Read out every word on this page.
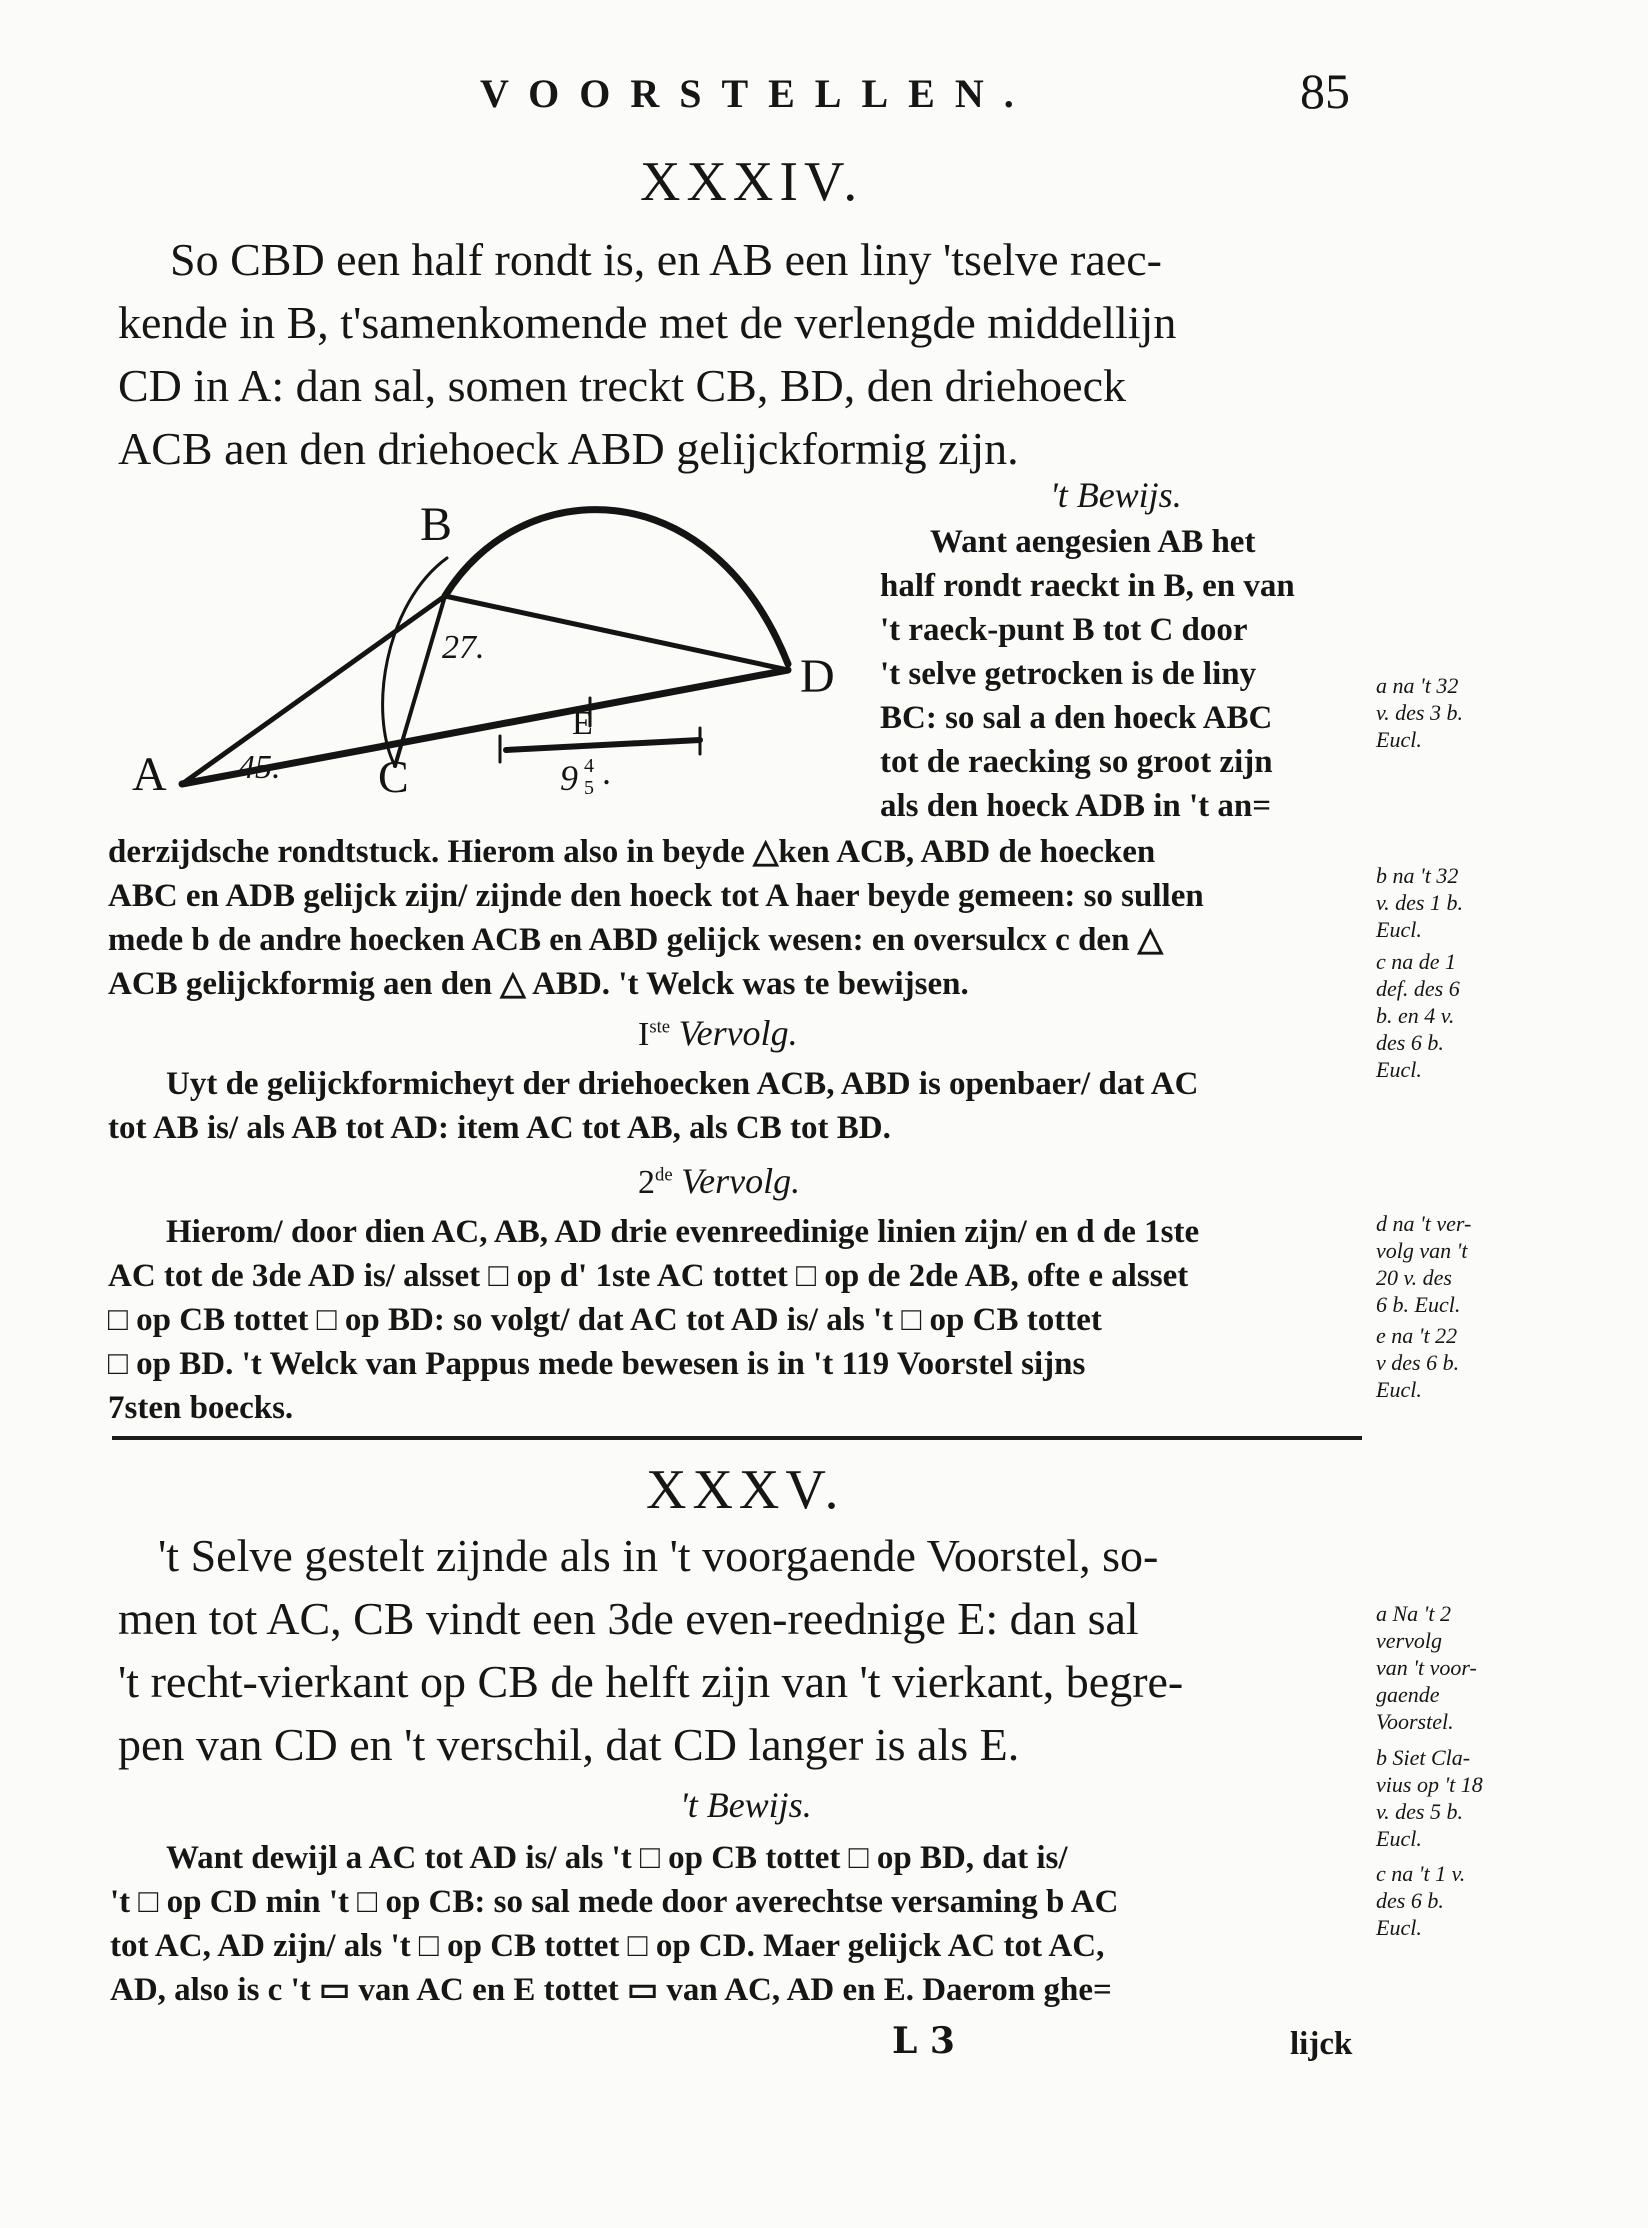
VOORSTELLEN.	85
XXXIV.
So CBD een half rondt is, en AB een liny 'tselve raec-
kende in B, t'samenkomende met de verlengde middellijn
CD in A: dan sal, somen treckt CB, BD, den driehoeck
ACB aen den driehoeck ABD gelijckformig zijn.
A 45. C
B
27.
D
E
9 4
5 .
't Bewijs.
Want aengesien AB het
half rondt raeckt in B, en van
't raeck-punt B tot C door
't selve getrocken is de liny
BC: so sal a den hoeck ABC
tot de raecking so groot zijn
als den hoeck ADB in 't an=
derzijdsche rondtstuck. Hierom also in beyde △ken ACB, ABD de hoecken
ABC en ADB gelijck zijn/ zijnde den hoeck tot A haer beyde gemeen: so sullen
mede b de andre hoecken ACB en ABD gelijck wesen: en oversulcx c den △
ACB gelijckformig aen den △ ABD. 't Welck was te bewijsen.
Iste Vervolg.
Uyt de gelijckformicheyt der driehoecken ACB, ABD is openbaer/ dat AC
tot AB is/ als AB tot AD: item AC tot AB, als CB tot BD.
2de Vervolg.
Hierom/ door dien AC, AB, AD drie evenreedinige linien zijn/ en d de 1ste
AC tot de 3de AD is/ alsset □ op d' 1ste AC tottet □ op de 2de AB, ofte e alsset
□ op CB tottet □ op BD: so volgt/ dat AC tot AD is/ als 't □ op CB tottet
□ op BD. 't Welck van Pappus mede bewesen is in 't 119 Voorstel sijns
7sten boecks.
a na 't 32
v. des 3 b.
Eucl.
b na 't 32
v. des 1 b.
Eucl.
c na de 1
def. des 6
b. en 4 v.
des 6 b.
Eucl.
d na 't ver-
volg van 't
20 v. des
6 b. Eucl.
e na 't 22
v des 6 b.
Eucl.
XXXV.
't Selve gestelt zijnde als in 't voorgaende Voorstel, so-
men tot AC, CB vindt een 3de even-reednige E: dan sal
't recht-vierkant op CB de helft zijn van 't vierkant, begre-
pen van CD en 't verschil, dat CD langer is als E.
't Bewijs.
Want dewijl a AC tot AD is/ als 't □ op CB tottet □ op BD, dat is/
't □ op CD min 't □ op CB: so sal mede door averechtse versaming b AC
tot AC, AD zijn/ als 't □ op CB tottet □ op CD. Maer gelijck AC tot AC,
AD, also is c 't ▭ van AC en E tottet ▭ van AC, AD en E. Daerom ghe=
a Na 't 2
vervolg
van 't voor-
gaende
Voorstel.
b Siet Cla-
vius op 't 18
v. des 5 b.
Eucl.
c na 't 1 v.
des 6 b.
Eucl.
L 3	lijck
